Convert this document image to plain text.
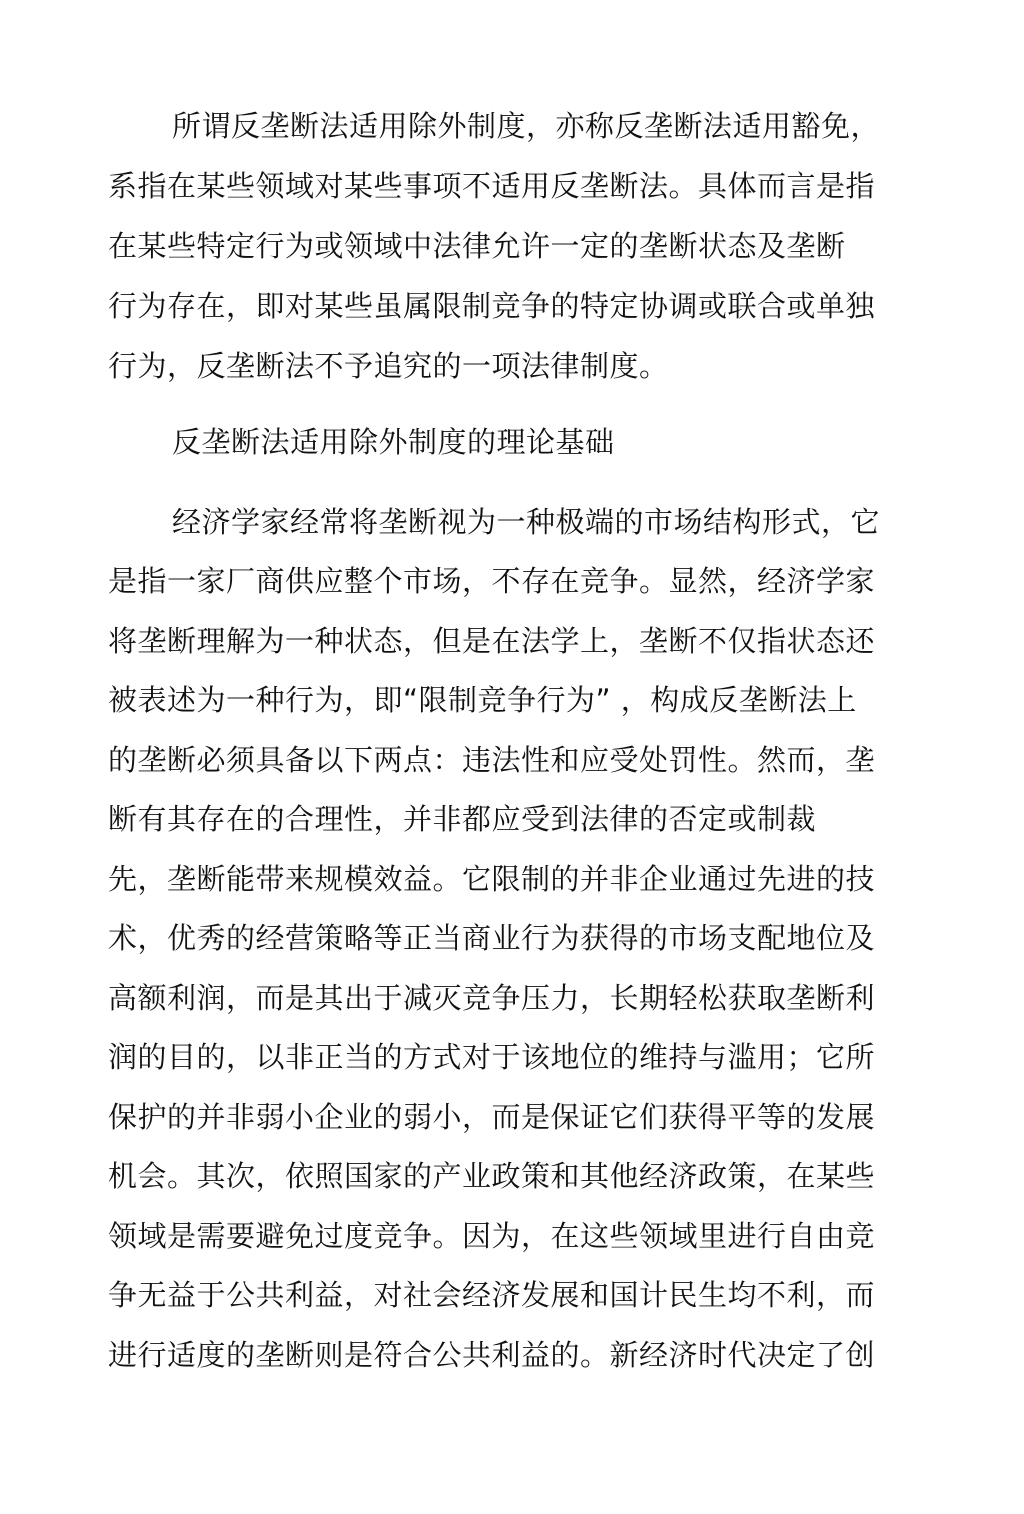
所谓反垄断法适用除外制度，亦称反垄断法适用豁免，
系指在某些领域对某些事项不适用反垄断法。具体而言是指
在某些特定行为或领域中法律允许一定的垄断状态及垄断
行为存在，即对某些虽属限制竞争的特定协调或联合或单独
行为，反垄断法不予追究的一项法律制度。
反垄断法适用除外制度的理论基础
经济学家经常将垄断视为一种极端的市场结构形式，它
是指一家厂商供应整个市场，不存在竞争。显然，经济学家
将垄断理解为一种状态，但是在法学上，垄断不仅指状态还
被表述为一种行为，即“限制竞争行为” ，构成反垄断法上
的垄断必须具备以下两点：违法性和应受处罚性。然而，垄
断有其存在的合理性，并非都应受到法律的否定或制裁
先，垄断能带来规模效益。它限制的并非企业通过先进的技
术，优秀的经营策略等正当商业行为获得的市场支配地位及
高额利润，而是其出于减灭竞争压力，长期轻松获取垄断利
润的目的，以非正当的方式对于该地位的维持与滥用；它所
保护的并非弱小企业的弱小，而是保证它们获得平等的发展
机会。其次，依照国家的产业政策和其他经济政策，在某些
领域是需要避免过度竞争。因为，在这些领域里进行自由竞
争无益于公共利益，对社会经济发展和国计民生均不利，而
进行适度的垄断则是符合公共利益的。新经济时代决定了创
